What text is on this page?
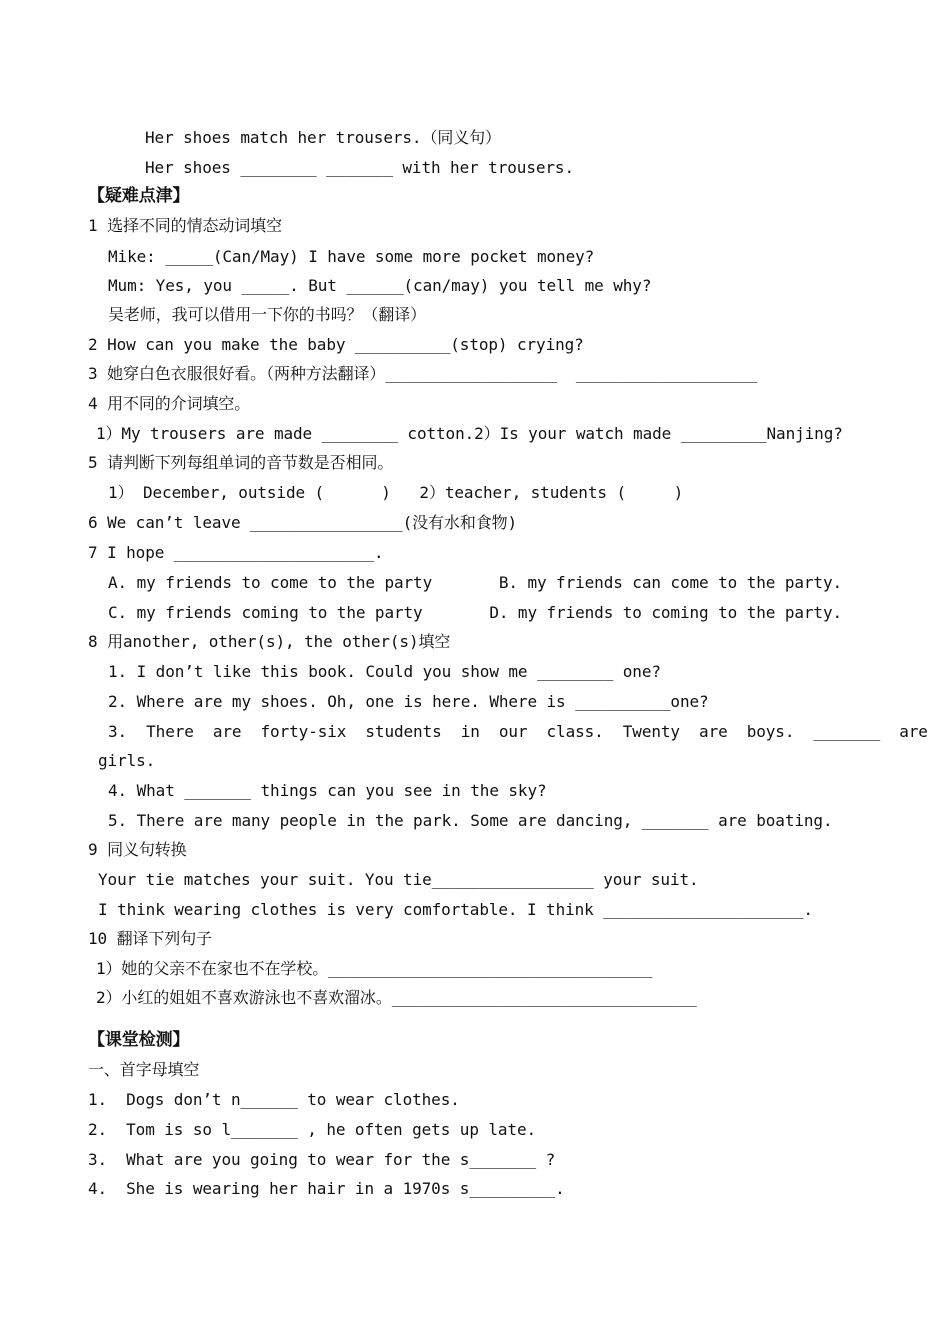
Her shoes match her trousers.（同义句）
Her shoes ________ _______ with her trousers.
【疑难点津】
1 选择不同的情态动词填空
Mike: _____(Can/May) I have some more pocket money?
Mum: Yes, you _____. But ______(can/may) you tell me why?
吴老师，我可以借用一下你的书吗？（翻译）
2 How can you make the baby __________(stop) crying?
3 她穿白色衣服很好看。（两种方法翻译）__________________  ___________________
4 用不同的介词填空。
1）My trousers are made ________ cotton.2）Is your watch made _________Nanjing?
5 请判断下列每组单词的音节数是否相同。
1） December, outside (      )   2）teacher, students (     )
6 We can’t leave ________________(没有水和食物)
7 I hope _____________________.
A. my friends to come to the party       B. my friends can come to the party.
C. my friends coming to the party       D. my friends to coming to the party.
8 用another, other(s), the other(s)填空
1. I don’t like this book. Could you show me ________ one?
2. Where are my shoes. Oh, one is here. Where is __________one?
3.  There  are  forty-six  students  in  our  class.  Twenty  are  boys.  _______  are
girls.
4. What _______ things can you see in the sky?
5. There are many people in the park. Some are dancing, _______ are boating.
9 同义句转换
Your tie matches your suit. You tie_________________ your suit.
I think wearing clothes is very comfortable. I think _____________________.
10 翻译下列句子
1）她的父亲不在家也不在学校。__________________________________
2）小红的姐姐不喜欢游泳也不喜欢溜冰。________________________________
【课堂检测】
一、首字母填空
1.  Dogs don’t n______ to wear clothes.
2.  Tom is so l_______ , he often gets up late.
3.  What are you going to wear for the s_______ ?
4.  She is wearing her hair in a 1970s s_________.
